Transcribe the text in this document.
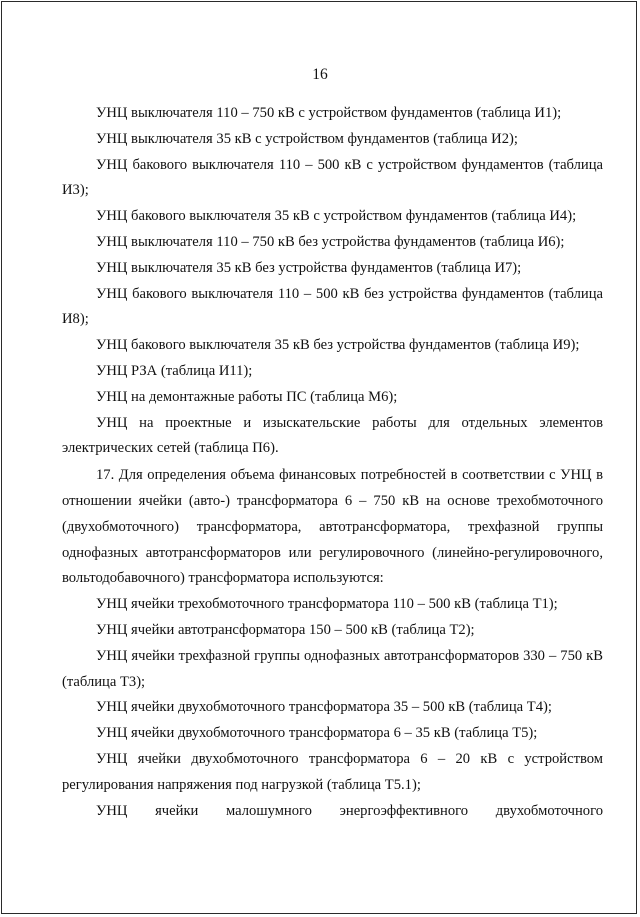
16

УНЦ выключателя 110 – 750 кВ с устройством фундаментов (таблица И1);

УНЦ выключателя 35 кВ с устройством фундаментов (таблица И2);

УНЦ бакового выключателя 110 – 500 кВ с устройством фундаментов (таблица И3);

УНЦ бакового выключателя 35 кВ с устройством фундаментов (таблица И4);

УНЦ выключателя 110 – 750 кВ без устройства фундаментов (таблица И6);

УНЦ выключателя 35 кВ без устройства фундаментов (таблица И7);

УНЦ бакового выключателя 110 – 500 кВ без устройства фундаментов (таблица И8);

УНЦ бакового выключателя 35 кВ без устройства фундаментов (таблица И9);

УНЦ РЗА (таблица И11);

УНЦ на демонтажные работы ПС (таблица М6);

УНЦ на проектные и изыскательские работы для отдельных элементов электрических сетей (таблица П6).

17. Для определения объема финансовых потребностей в соответствии с УНЦ в отношении ячейки (авто-) трансформатора 6 – 750 кВ на основе трехобмоточного (двухобмоточного) трансформатора, автотрансформатора, трехфазной группы однофазных автотрансформаторов или регулировочного (линейно-регулировочного, вольтодобавочного) трансформатора используются:

УНЦ ячейки трехобмоточного трансформатора 110 – 500 кВ (таблица Т1);

УНЦ ячейки автотрансформатора 150 – 500 кВ (таблица Т2);

УНЦ ячейки трехфазной группы однофазных автотрансформаторов 330 – 750 кВ (таблица Т3);

УНЦ ячейки двухобмоточного трансформатора 35 – 500 кВ (таблица Т4);

УНЦ ячейки двухобмоточного трансформатора 6 – 35 кВ (таблица Т5);

УНЦ ячейки двухобмоточного трансформатора 6 – 20 кВ с устройством регулирования напряжения под нагрузкой (таблица Т5.1);

УНЦ ячейки малошумного энергоэффективного двухобмоточного
